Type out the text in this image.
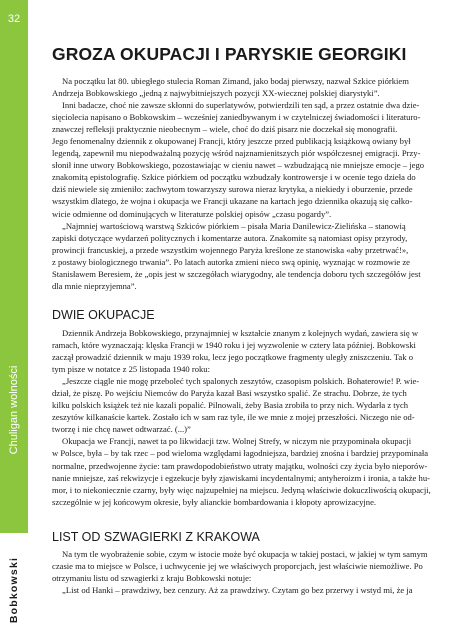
32
Chuligan wolności
Bobkowski
GROZA OKUPACJI I PARYSKIE GEORGIKI
Na początku lat 80. ubiegłego stulecia Roman Zimand, jako bodaj pierwszy, nazwał Szkice piórkiem
Andrzeja Bobkowskiego „jedną z najwybitniejszych pozycji XX-wiecznej polskiej diarystyki”.
Inni badacze, choć nie zawsze skłonni do superlatywów, potwierdzili ten sąd, a przez ostatnie dwa dzie-
sięciolecia napisano o Bobkowskim – wcześniej zaniedbywanym i w czytelniczej świadomości i literaturo-
znawczej refleksji praktycznie nieobecnym – wiele, choć do dziś pisarz nie doczekał się monografii.
Jego fenomenalny dziennik z okupowanej Francji, który jeszcze przed publikacją książkową owiany był
legendą, zapewnił mu niepodważalną pozycję wśród najznamienitszych piór współczesnej emigracji. Przy-
słonił inne utwory Bobkowskiego, pozostawiając w cieniu nawet – wzbudzającą nie mniejsze emocje – jego
znakomitą epistolografię. Szkice piórkiem od początku wzbudzały kontrowersje i w ocenie tego dzieła do
dziś niewiele się zmieniło: zachwytom towarzyszy surowa nieraz krytyka, a niekiedy i oburzenie, przede
wszystkim dlatego, że wojna i okupacja we Francji ukazane na kartach jego dziennika okazują się całko-
wicie odmienne od dominujących w literaturze polskiej opisów „czasu pogardy”.
„Najmniej wartościową warstwą Szkiców piórkiem – pisała Maria Danilewicz-Zielińska – stanowią
zapiski dotyczące wydarzeń politycznych i komentarze autora. Znakomite są natomiast opisy przyrody,
prowincji francuskiej, a przede wszystkim wojennego Paryża kreślone ze stanowiska «aby przetrwać!»,
z postawy biologicznego trwania”. Po latach autorka zmieni nieco swą opinię, wyznając w rozmowie ze
Stanisławem Beresiem, że „opis jest w szczegółach wiarygodny, ale tendencja doboru tych szczegółów jest
dla mnie nieprzyjemna”.
DWIE OKUPACJE
Dziennik Andrzeja Bobkowskiego, przynajmniej w kształcie znanym z kolejnych wydań, zawiera się w
ramach, które wyznaczają: klęska Francji w 1940 roku i jej wyzwolenie w cztery lata później. Bobkowski
zaczął prowadzić dziennik w maju 1939 roku, lecz jego początkowe fragmenty uległy zniszczeniu. Tak o
tym pisze w notatce z 25 listopada 1940 roku:
„Jeszcze ciągle nie mogę przeboleć tych spalonych zeszytów, czasopism polskich. Bohaterowie! P. wie-
dział, że piszę. Po wejściu Niemców do Paryża kazał Basi wszystko spalić. Ze strachu. Dobrze, że tych
kilku polskich książek też nie kazali popalić. Pilnowali, żeby Basia zrobiła to przy nich. Wydarła z tych
zeszytów kilkanaście kartek. Zostało ich w sam raz tyle, ile we mnie z mojej przeszłości. Niczego nie od-
tworzę i nie chcę nawet odtwarzać. (...)”
Okupacja we Francji, nawet ta po likwidacji tzw. Wolnej Strefy, w niczym nie przypominała okupacji
w Polsce, była – by tak rzec – pod wieloma względami łagodniejsza, bardziej znośna i bardziej przypominała
normalne, przedwojenne życie: tam prawdopodobieństwo utraty majątku, wolności czy życia było nieporów-
nanie mniejsze, zaś rekwizycje i egzekucje były zjawiskami incydentalnymi; antyheroizm i ironia, a także hu-
mor, i to niekoniecznie czarny, były więc najzupełniej na miejscu. Jedyną właściwie dokuczliwością okupacji,
szczególnie w jej końcowym okresie, były alianckie bombardowania i kłopoty aprowizacyjne.
LIST OD SZWAGIERKI Z KRAKOWA
Na tym tle wyobrażenie sobie, czym w istocie może być okupacja w takiej postaci, w jakiej w tym samym
czasie ma to miejsce w Polsce, i uchwycenie jej we właściwych proporcjach, jest właściwie niemożliwe. Po
otrzymaniu listu od szwagierki z kraju Bobkowski notuje:
„List od Hanki – prawdziwy, bez cenzury. Aż za prawdziwy. Czytam go bez przerwy i wstyd mi, że ja
